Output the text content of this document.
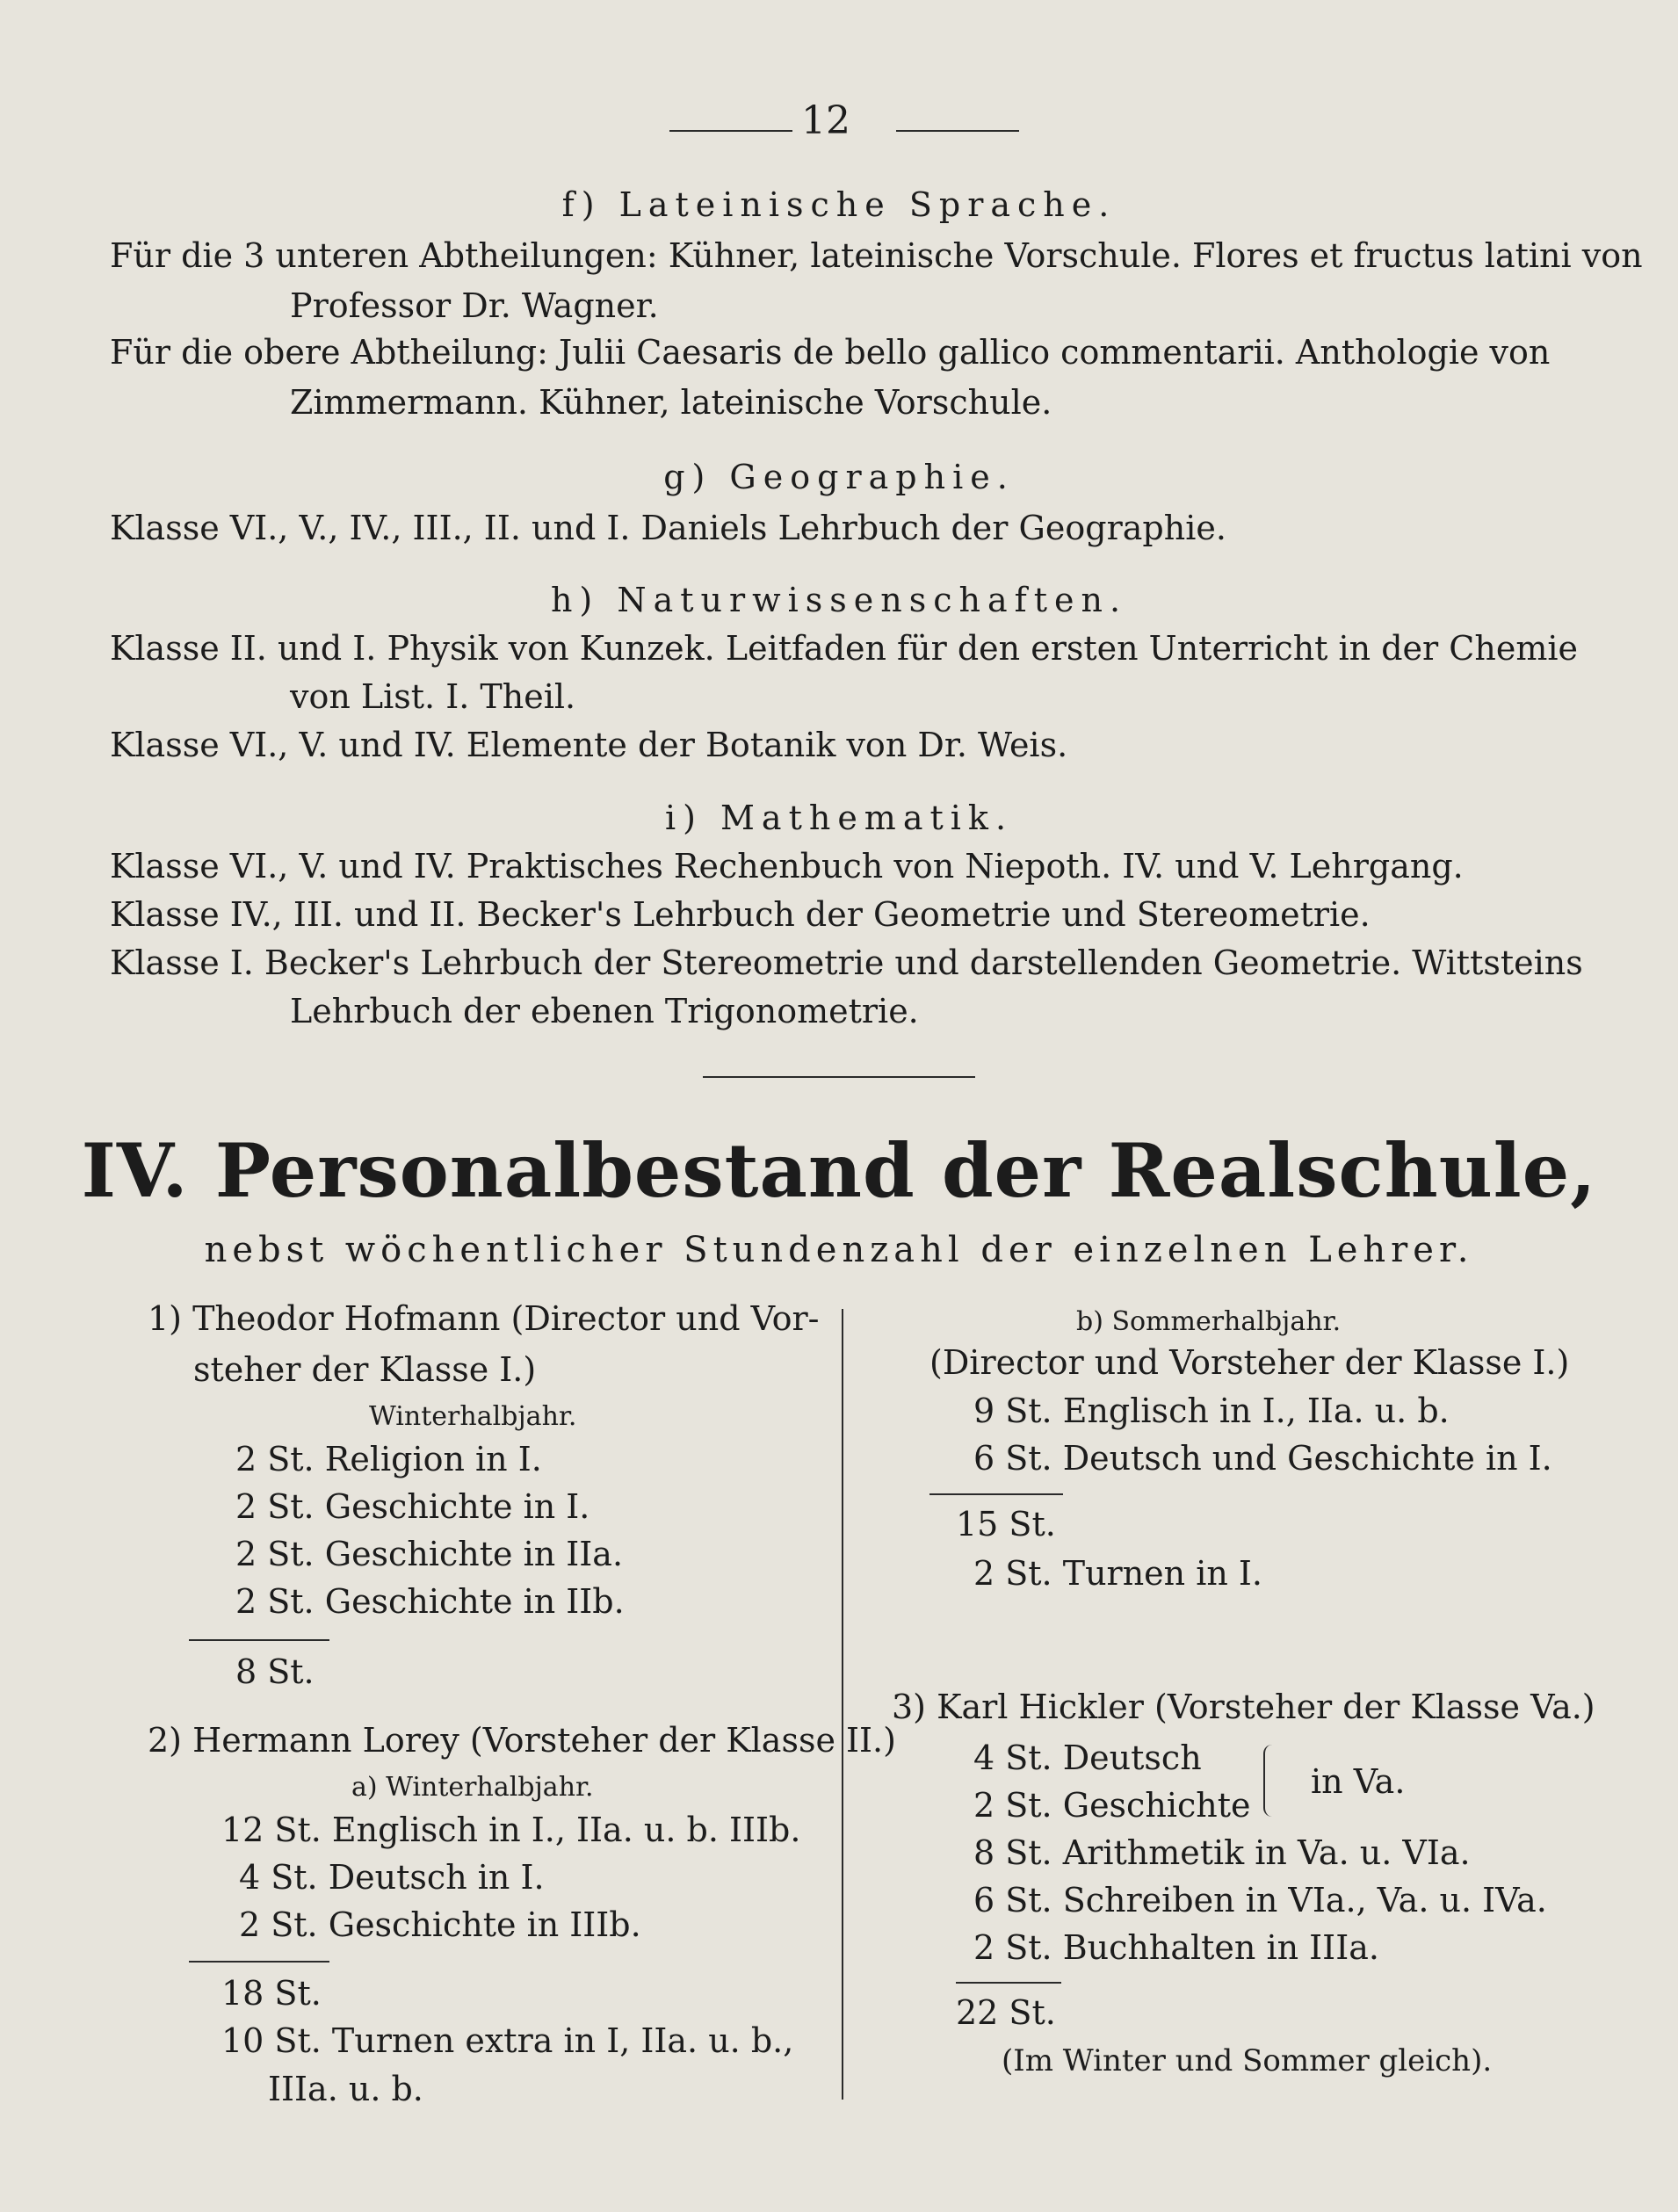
12
f) Lateinische Sprache.
Für die 3 unteren Abtheilungen: Kühner, lateinische Vorschule. Flores et fructus latini von
Professor Dr. Wagner.
Für die obere Abtheilung: Julii Caesaris de bello gallico commentarii. Anthologie von
Zimmermann. Kühner, lateinische Vorschule.
g) Geographie.
Klasse VI., V., IV., III., II. und I. Daniels Lehrbuch der Geographie.
h) Naturwissenschaften.
Klasse II. und I. Physik von Kunzek. Leitfaden für den ersten Unterricht in der Chemie
von List. I. Theil.
Klasse VI., V. und IV. Elemente der Botanik von Dr. Weis.
i) Mathematik.
Klasse VI., V. und IV. Praktisches Rechenbuch von Niepoth. IV. und V. Lehrgang.
Klasse IV., III. und II. Becker's Lehrbuch der Geometrie und Stereometrie.
Klasse I. Becker's Lehrbuch der Stereometrie und darstellenden Geometrie. Wittsteins
Lehrbuch der ebenen Trigonometrie.
IV. Personalbestand der Realschule,
nebst wöchentlicher Stundenzahl der einzelnen Lehrer.
1) Theodor Hofmann (Director und Vor-
steher der Klasse I.)
Winterhalbjahr.
2 St. Religion in I.
2 St. Geschichte in I.
2 St. Geschichte in IIa.
2 St. Geschichte in IIb.
8 St.
b) Sommerhalbjahr.
(Director und Vorsteher der Klasse I.)
9 St. Englisch in I., IIa. u. b.
6 St. Deutsch und Geschichte in I.
15 St.
2 St. Turnen in I.
2) Hermann Lorey (Vorsteher der Klasse II.)
a) Winterhalbjahr.
12 St. Englisch in I., IIa. u. b. IIIb.
4 St. Deutsch in I.
2 St. Geschichte in IIIb.
18 St.
10 St. Turnen extra in I, IIa. u. b.,
IIIa. u. b.
3) Karl Hickler (Vorsteher der Klasse Va.)
4 St. Deutsch
2 St. Geschichte
in Va.
8 St. Arithmetik in Va. u. VIa.
6 St. Schreiben in VIa., Va. u. IVa.
2 St. Buchhalten in IIIa.
22 St.
(Im Winter und Sommer gleich).
